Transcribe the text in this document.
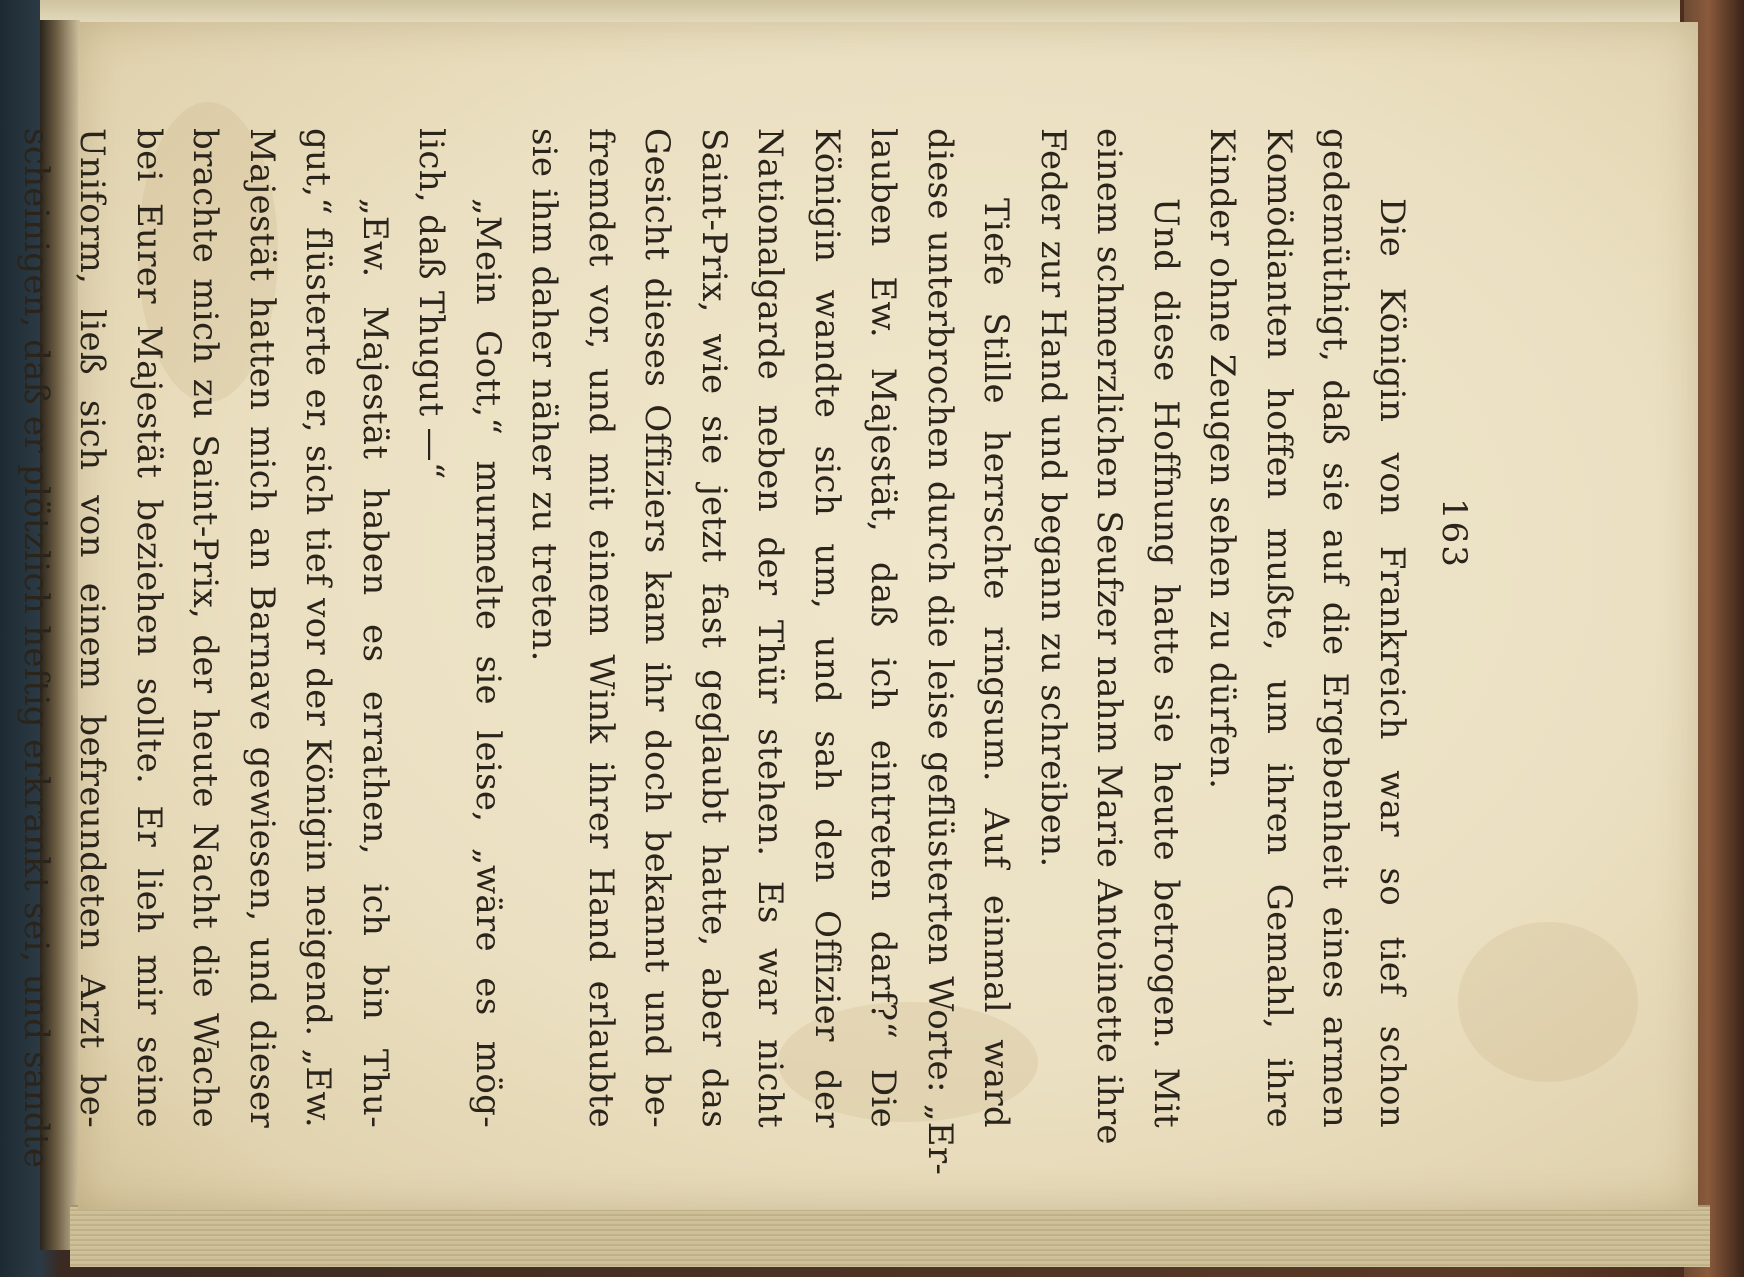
163
Die Königin von Frankreich war so tief schon
gedemüthigt, daß sie auf die Ergebenheit eines armen
Komödianten hoffen mußte, um ihren Gemahl, ihre
Kinder ohne Zeugen sehen zu dürfen.
Und diese Hoffnung hatte sie heute betrogen. Mit
einem schmerzlichen Seufzer nahm Marie Antoinette ihre
Feder zur Hand und begann zu schreiben.
Tiefe Stille herrschte ringsum. Auf einmal ward
diese unterbrochen durch die leise geflüsterten Worte: „Er-
lauben Ew. Majestät, daß ich eintreten darf?“ Die
Königin wandte sich um, und sah den Offizier der
Nationalgarde neben der Thür stehen. Es war nicht
Saint-Prix, wie sie jetzt fast geglaubt hatte, aber das
Gesicht dieses Offiziers kam ihr doch bekannt und be-
fremdet vor, und mit einem Wink ihrer Hand erlaubte
sie ihm daher näher zu treten.
„Mein Gott,“ murmelte sie leise, „wäre es mög-
lich, daß Thugut —“
„Ew. Majestät haben es errathen, ich bin Thu-
gut,“ flüsterte er, sich tief vor der Königin neigend. „Ew.
Majestät hatten mich an Barnave gewiesen, und dieser
brachte mich zu Saint-Prix, der heute Nacht die Wache
bei Eurer Majestät beziehen sollte. Er lieh mir seine
Uniform, ließ sich von einem befreundeten Arzt be-
scheinigen, daß er plötzlich heftig erkrankt sei, und sandte
